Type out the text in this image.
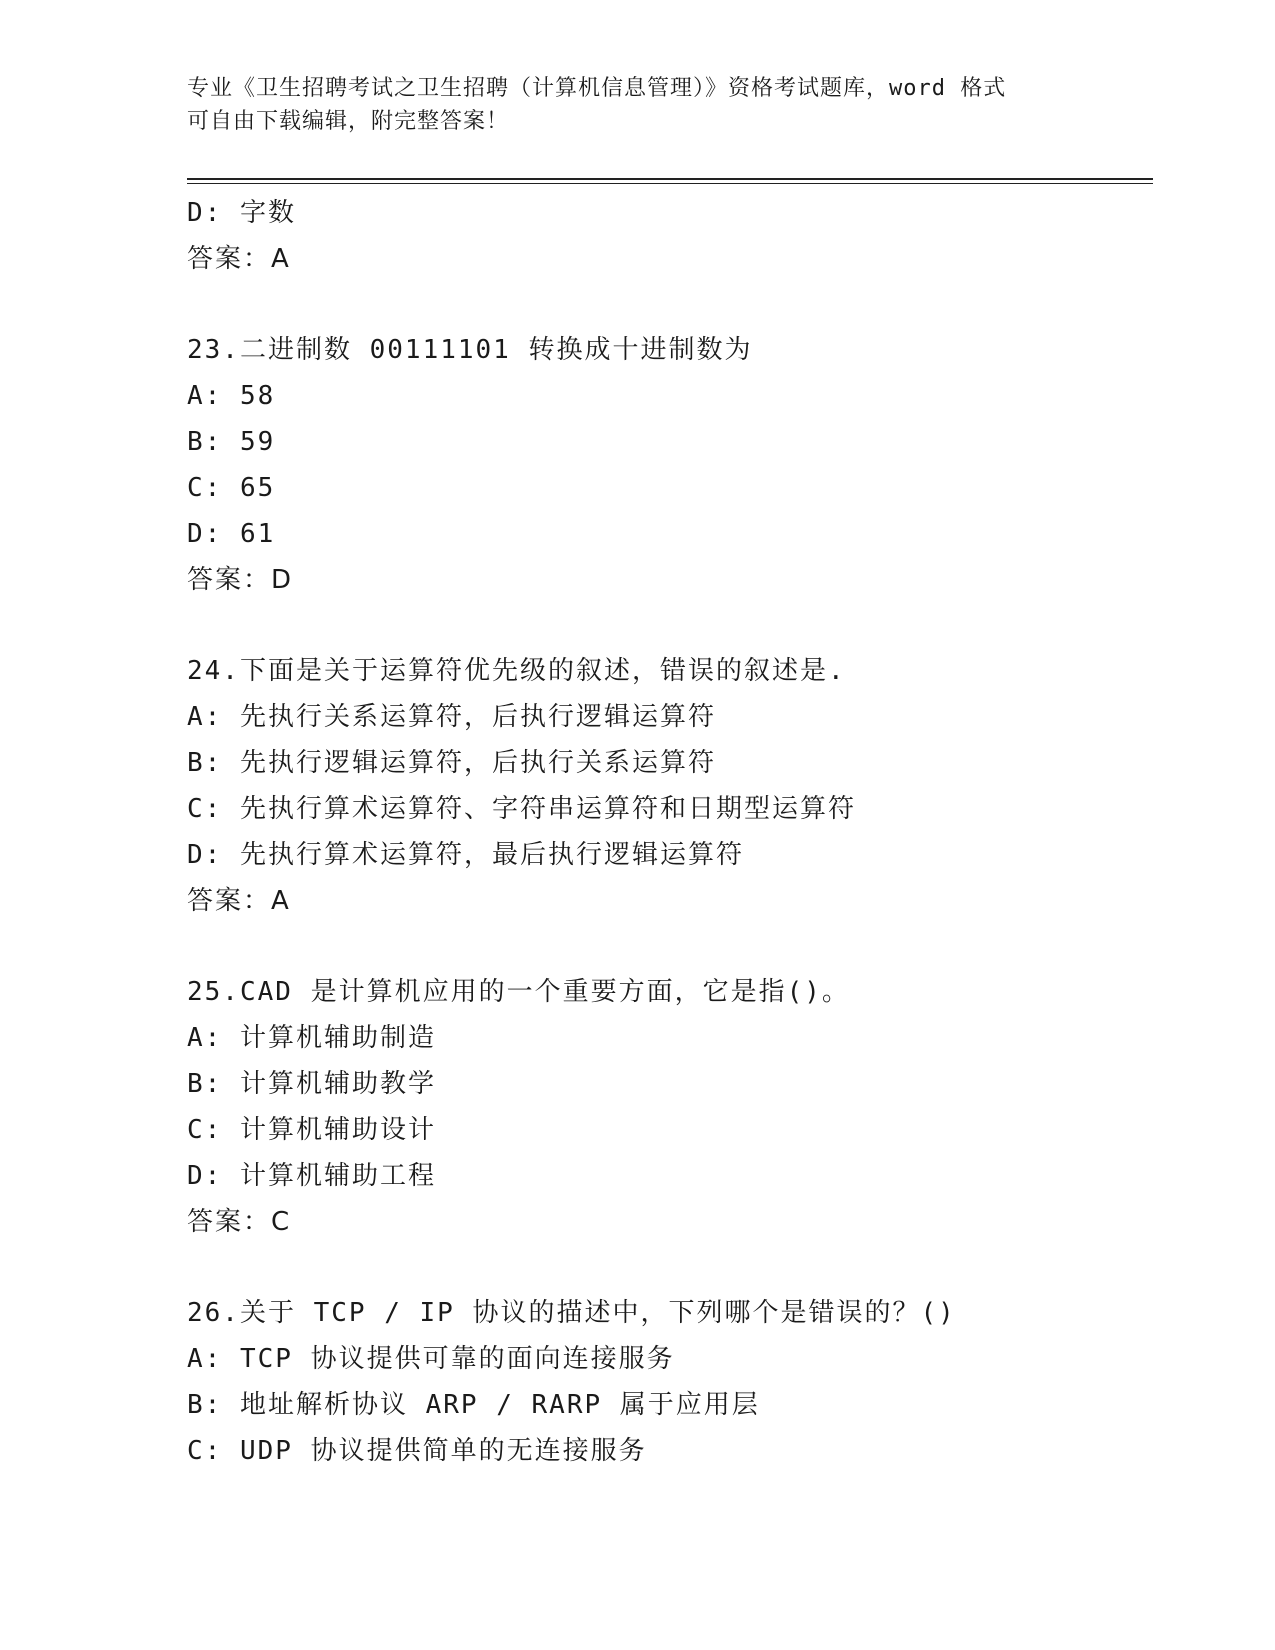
专业《卫生招聘考试之卫生招聘（计算机信息管理）》资格考试题库，word 格式
可自由下载编辑，附完整答案！
D: 字数
答案：A
23.二进制数 00111101 转换成十进制数为
A: 58
B: 59
C: 65
D: 61
答案：D
24.下面是关于运算符优先级的叙述，错误的叙述是.
A: 先执行关系运算符，后执行逻辑运算符
B: 先执行逻辑运算符，后执行关系运算符
C: 先执行算术运算符、字符串运算符和日期型运算符
D: 先执行算术运算符，最后执行逻辑运算符
答案：A
25.CAD 是计算机应用的一个重要方面，它是指()。
A: 计算机辅助制造
B: 计算机辅助教学
C: 计算机辅助设计
D: 计算机辅助工程
答案：C
26.关于 TCP / IP 协议的描述中，下列哪个是错误的？()
A: TCP 协议提供可靠的面向连接服务
B: 地址解析协议 ARP / RARP 属于应用层
C: UDP 协议提供简单的无连接服务
